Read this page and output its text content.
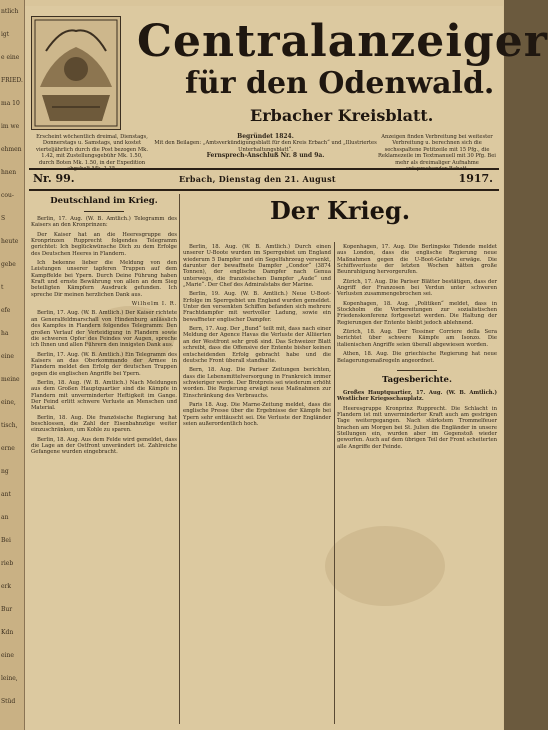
ntlich
igt
e eine
FRIED.
ma 10
im we
ehmen
hnen
cou-
S
heute
gebe
t
efe
ha
eine
meine
eine,
tisch,
erne
ng
ant
an
Bei
rieb
erk
Bur
Kdn
eine
leine,
Stüd
Centralanzeiger
für den Odenwald.
Erbacher Kreisblatt.
Erscheint wöchentlich dreimal, Dienstags, Donnerstags u. Samstags, und kostet vierteljährlich durch die Post bezogen Mk. 1.42, mit Zustellungsgebühr Mk. 1.50, durch Boten Mk. 1.50, in der Expedition abgeholt Mk. 1.35.
Begründet 1824.
Mit den Beilagen: „Amtsverkündigungsblatt für den Kreis Erbach“ und „Illustriertes Unterhaltungsblatt“.
Fernsprech-Anschluß Nr. 8 und 9a.
Anzeigen finden Verbreitung bei weitester Verbreitung u. berechnen sich die sechsspaltene Petitzeile mit 15 Pfg., die Reklamezeile im Textmanuell mit 30 Pfg. Bei mehr als dreimaliger Aufnahme entsprechender Rabatt.
Nr. 99.	Erbach, Dienstag den 21. August	1917.
Der Krieg.
Deutschland im Krieg.

Berlin, 17. Aug. (W. B. Amtlich.) Telegramm des Kaisers an den Kronprinzen:

Der Kaiser hat an die Heeresgruppe des Kronprinzen Rupprecht folgendes Telegramm gerichtet: Ich beglückwünsche Dich zu dem Erfolge des Deutschen Heeres in Flandern.

Ich bekenne lieber die Meldung von den Leistungen unserer tapferen Truppen auf dem Kampffelde bei Ypern. Durch Deine Führung haben Kraft und ernste Bewährung von allen an dem Sieg beteiligten Kämpfern Ausdruck gefunden. Ich spreche Dir meinen herzlichen Dank aus.

Wilhelm I. R.

Berlin, 17. Aug. (W. B. Amtlich.) Der Kaiser richtete an Generalfeldmarschall von Hindenburg anlässlich des Kampfes in Flandern folgendes Telegramm: Den großen Verlauf der Verteidigung in Flandern sowie die schweren Opfer des Feindes vor Augen, spreche ich Ihnen und allen Führern den innigsten Dank aus.

Berlin, 17. Aug. (W. B. Amtlich.) Ein Telegramm des Kaisers an das Oberkommando der Armee in Flandern meldet den Erfolg der deutschen Truppen gegen die englischen Angriffe bei Ypern.

Berlin, 18. Aug. (W. B. Amtlich.) Nach Meldungen aus dem Großen Hauptquartier sind die Kämpfe in Flandern mit unverminderter Heftigkeit im Gange. Der Feind erlitt schwere Verluste an Menschen und Material.

Berlin, 18. Aug. Die französische Regierung hat beschlossen, die Zahl der Eisenbahnzüge weiter einzuschränken, um Kohle zu sparen.

Berlin, 18. Aug. Aus dem Felde wird gemeldet, dass die Lage an der Ostfront unverändert ist. Zahlreiche Gefangene wurden eingebracht.

Berlin, 18. Aug. (W. B. Amtlich.) Durch einen unserer U-Boote wurden im Sperrgebiet um England wiederum 5 Dampfer und ein Segelfahrzeug versenkt, darunter der bewaffnete Dampfer „Condor“ (3874 Tonnen), der englische Dampfer nach Genua unterwegs, die französischen Dampfer „Aude“ und „Marie“. Der Chef des Admiralstabs der Marine.

Berlin, 19. Aug. (W. B. Amtlich.) Neue U-Boot-Erfolge im Sperrgebiet um England wurden gemeldet. Unter den versenkten Schiffen befanden sich mehrere Frachtdampfer mit wertvoller Ladung, sowie ein bewaffneter englischer Dampfer.

Bern, 17. Aug. Der „Bund“ teilt mit, dass nach einer Meldung der Agence Havas die Verluste der Alliierten an der Westfront sehr groß sind. Das Schweizer Blatt schreibt, dass die Offensive der Entente bisher keinen entscheidenden Erfolg gebracht habe und die deutsche Front überall standhalte.

Bern, 18. Aug. Die Pariser Zeitungen berichten, dass die Lebensmittelversorgung in Frankreich immer schwieriger werde. Der Brotpreis sei wiederum erhöht worden. Die Regierung erwägt neue Maßnahmen zur Einschränkung des Verbrauchs.

Paris 18. Aug. Die Marne-Zeitung meldet, dass die englische Presse über die Ergebnisse der Kämpfe bei Ypern sehr enttäuscht sei. Die Verluste der Engländer seien außerordentlich hoch.

Kopenhagen, 17. Aug. Die Berlingske Tidende meldet aus London, dass die englische Regierung neue Maßnahmen gegen die U-Boot-Gefahr erwäge. Die Schiffsverluste der letzten Wochen hätten große Beunruhigung hervorgerufen.

Zürich, 17. Aug. Die Pariser Blätter bestätigen, dass der Angriff der Franzosen bei Verdun unter schweren Verlusten zusammengebrochen sei.

Kopenhagen, 18. Aug. „Politiken“ meldet, dass in Stockholm die Vorbereitungen zur sozialistischen Friedenskonferenz fortgesetzt werden. Die Haltung der Regierungen der Entente bleibt jedoch ablehnend.

Zürich, 18. Aug. Der Tessiner Corriere della Sera berichtet über schwere Kämpfe am Isonzo. Die italienischen Angriffe seien überall abgewiesen worden.

Athen, 18. Aug. Die griechische Regierung hat neue Belagerungsmaßregeln angeordnet.

Tagesberichte.

Großes Hauptquartier, 17. Aug. (W. B. Amtlich.) Westlicher Kriegsschauplatz.

Heeresgruppe Kronprinz Rupprecht. Die Schlacht in Flandern ist mit unverminderter Kraft auch am gestrigen Tage weitergegangen. Nach stärkstem Trommelfeuer brachen am Morgen bei St. Julien die Engländer in unsere Stellungen ein, wurden aber im Gegenstoß wieder geworfen. Auch auf dem übrigen Teil der Front scheiterten alle Angriffe der Feinde.
